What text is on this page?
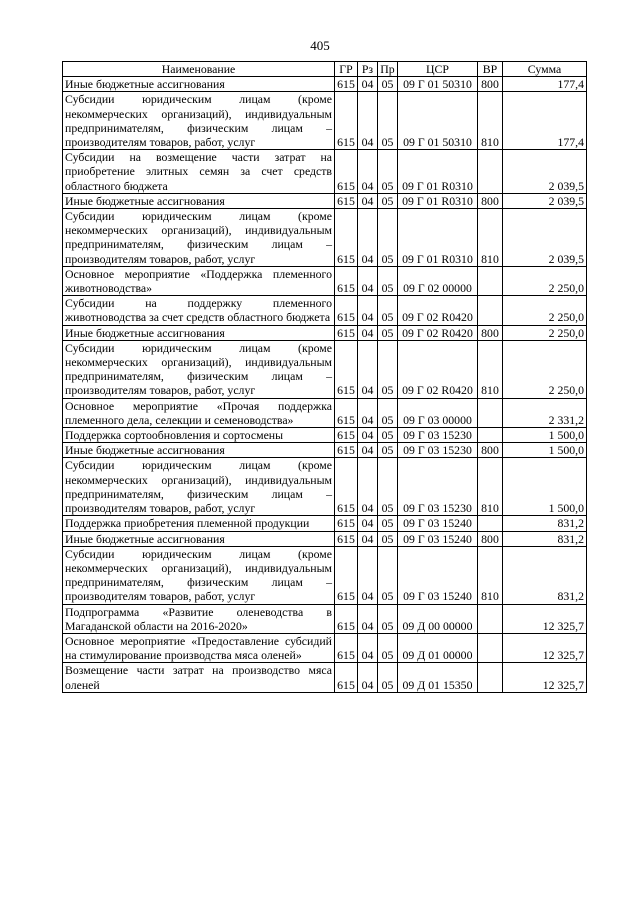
405
Наименование	ГР	Рз	Пр	ЦСР	ВР	Сумма
Иные бюджетные ассигнования	615	04	05	09 Г 01 50310	800	177,4
Субсидии юридическим лицам (кроме некоммерческих организаций), индивидуальным предпринимателям, физическим лицам – производителям товаров, работ, услуг	615	04	05	09 Г 01 50310	810	177,4
Субсидии на возмещение части затрат на приобретение элитных семян за счет средств областного бюджета	615	04	05	09 Г 01 R0310		2 039,5
Иные бюджетные ассигнования	615	04	05	09 Г 01 R0310	800	2 039,5
Субсидии юридическим лицам (кроме некоммерческих организаций), индивидуальным предпринимателям, физическим лицам – производителям товаров, работ, услуг	615	04	05	09 Г 01 R0310	810	2 039,5
Основное мероприятие «Поддержка племенного животноводства»	615	04	05	09 Г 02 00000		2 250,0
Субсидии на поддержку племенного животноводства за счет средств областного бюджета	615	04	05	09 Г 02 R0420		2 250,0
Иные бюджетные ассигнования	615	04	05	09 Г 02 R0420	800	2 250,0
Субсидии юридическим лицам (кроме некоммерческих организаций), индивидуальным предпринимателям, физическим лицам – производителям товаров, работ, услуг	615	04	05	09 Г 02 R0420	810	2 250,0
Основное мероприятие «Прочая поддержка племенного дела, селекции и семеноводства»	615	04	05	09 Г 03 00000		2 331,2
Поддержка сортообновления и сортосмены	615	04	05	09 Г 03 15230		1 500,0
Иные бюджетные ассигнования	615	04	05	09 Г 03 15230	800	1 500,0
Субсидии юридическим лицам (кроме некоммерческих организаций), индивидуальным предпринимателям, физическим лицам – производителям товаров, работ, услуг	615	04	05	09 Г 03 15230	810	1 500,0
Поддержка приобретения племенной продукции	615	04	05	09 Г 03 15240		831,2
Иные бюджетные ассигнования	615	04	05	09 Г 03 15240	800	831,2
Субсидии юридическим лицам (кроме некоммерческих организаций), индивидуальным предпринимателям, физическим лицам – производителям товаров, работ, услуг	615	04	05	09 Г 03 15240	810	831,2
Подпрограмма «Развитие оленеводства в Магаданской области на 2016-2020»	615	04	05	09 Д 00 00000		12 325,7
Основное мероприятие «Предоставление субсидий на стимулирование производства мяса оленей»	615	04	05	09 Д 01 00000		12 325,7
Возмещение части затрат на производство мяса оленей	615	04	05	09 Д 01 15350		12 325,7
